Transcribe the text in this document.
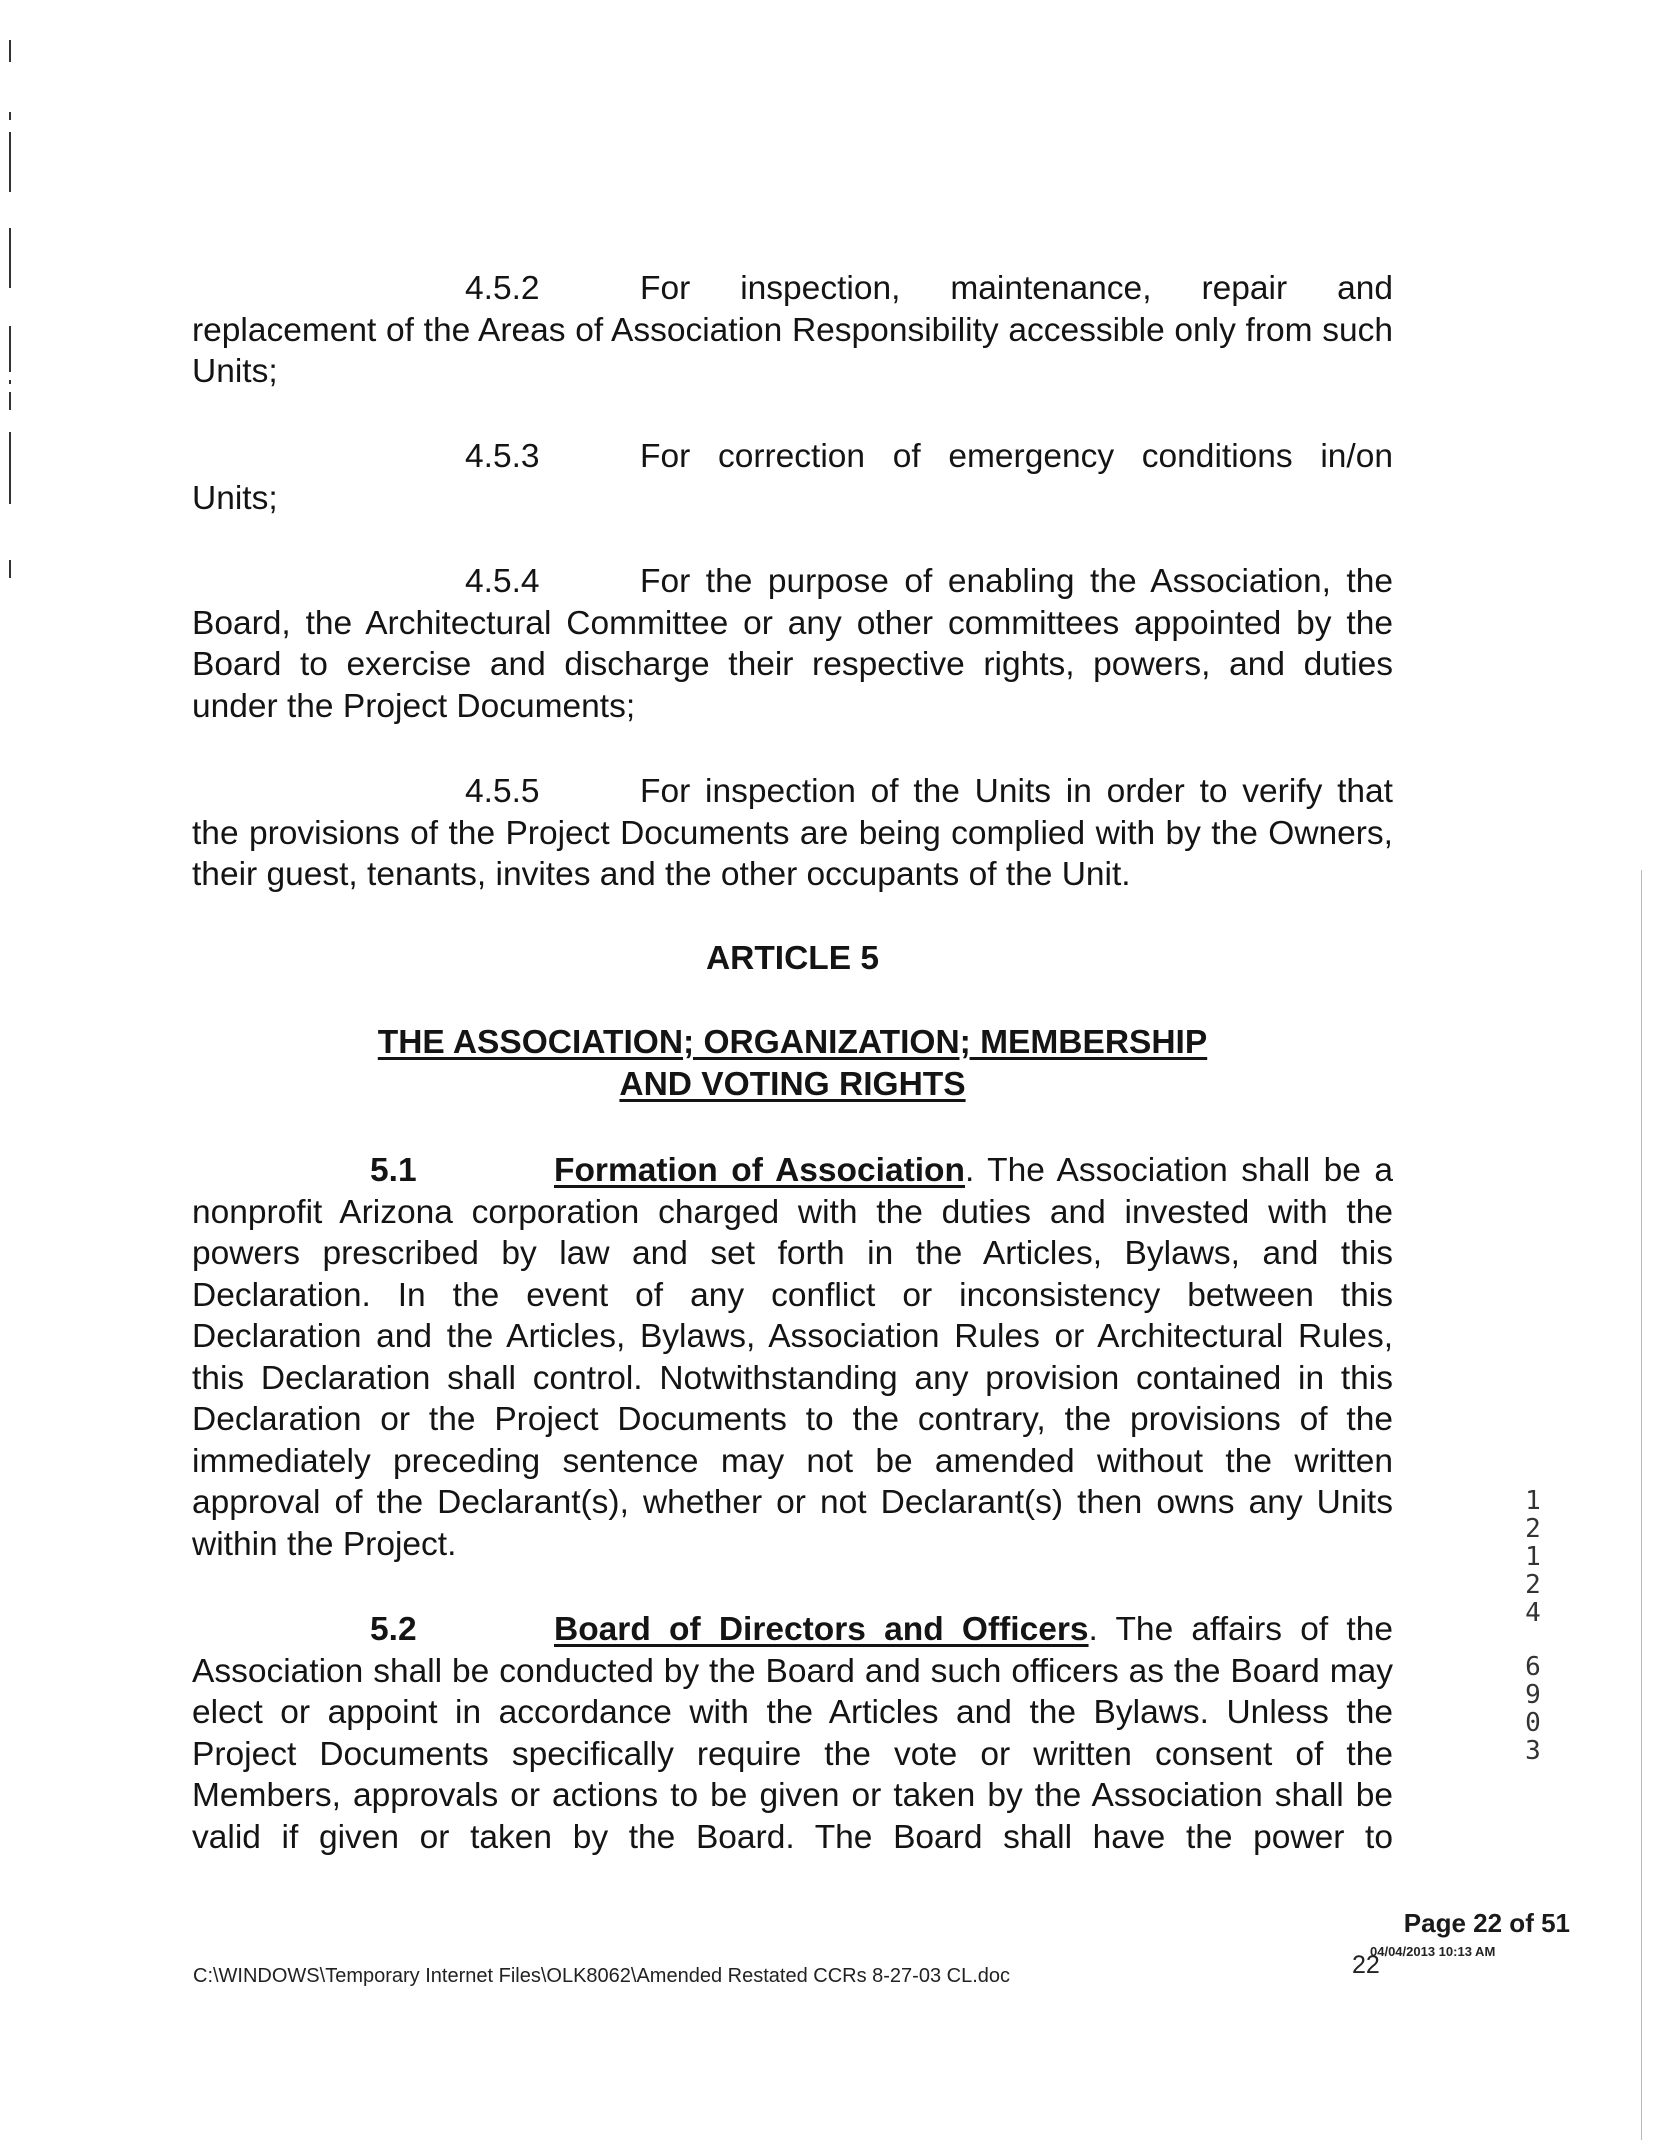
4.5.2	For inspection, maintenance, repair and replacement of the Areas of Association Responsibility accessible only from such Units;

4.5.3	For correction of emergency conditions in/on Units;

4.5.4	For the purpose of enabling the Association, the Board, the Architectural Committee or any other committees appointed by the Board to exercise and discharge their respective rights, powers, and duties under the Project Documents;

4.5.5	For inspection of the Units in order to verify that the provisions of the Project Documents are being complied with by the Owners, their guest, tenants, invites and the other occupants of the Unit.

ARTICLE 5

THE ASSOCIATION; ORGANIZATION; MEMBERSHIP

AND VOTING RIGHTS

5.1	Formation of Association. The Association shall be a nonprofit Arizona corporation charged with the duties and invested with the powers prescribed by law and set forth in the Articles, Bylaws, and this Declaration. In the event of any conflict or inconsistency between this Declaration and the Articles, Bylaws, Association Rules or Architectural Rules, this Declaration shall control. Notwithstanding any provision contained in this Declaration or the Project Documents to the contrary, the provisions of the immediately preceding sentence may not be amended without the written approval of the Declarant(s), whether or not Declarant(s) then owns any Units within the Project.

5.2	Board of Directors and Officers. The affairs of the Association shall be conducted by the Board and such officers as the Board may elect or appoint in accordance with the Articles and the Bylaws. Unless the Project Documents specifically require the vote or written consent of the Members, approvals or actions to be given or taken by the Association shall be valid if given or taken by the Board. The Board shall have the power to

1
2
1
2
4
6
9
0
3
Page 22 of 51
04/04/2013 10:13 AM
22
C:\WINDOWS\Temporary Internet Files\OLK8062\Amended Restated CCRs 8-27-03 CL.doc
